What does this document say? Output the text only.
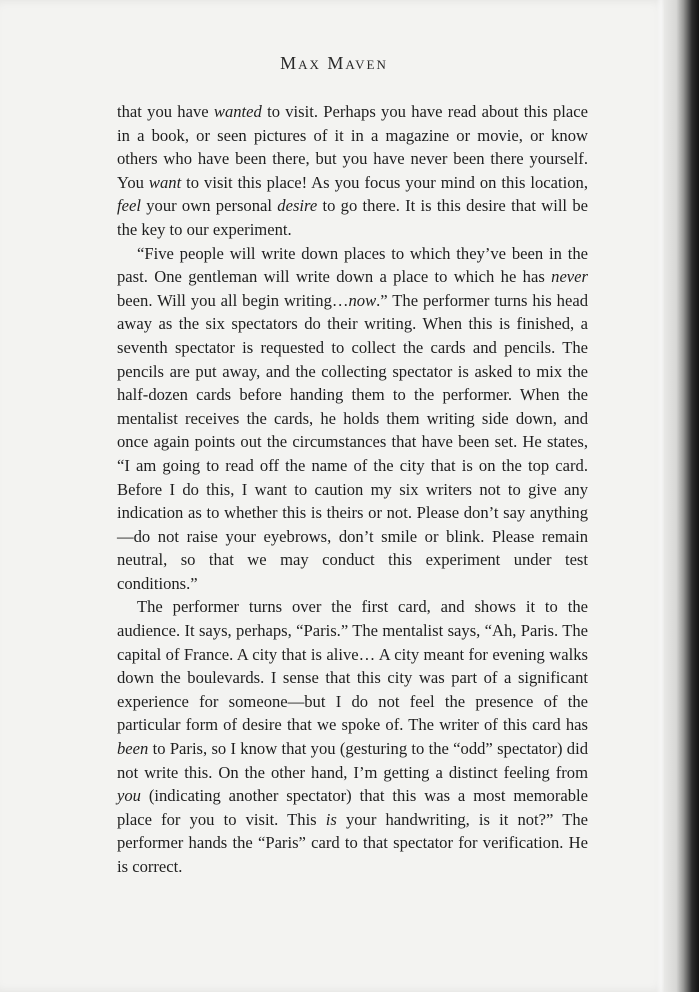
Max Maven

that you have wanted to visit. Perhaps you have read about this place in a book, or seen pictures of it in a magazine or movie, or know others who have been there, but you have never been there yourself. You want to visit this place! As you focus your mind on this location, feel your own personal desire to go there. It is this desire that will be the key to our experiment.

“Five people will write down places to which they’ve been in the past. One gentleman will write down a place to which he has never been. Will you all begin writing…now.” The performer turns his head away as the six spectators do their writing. When this is finished, a seventh spectator is requested to collect the cards and pencils. The pencils are put away, and the collecting spectator is asked to mix the half-dozen cards before handing them to the performer. When the mentalist receives the cards, he holds them writing side down, and once again points out the circumstances that have been set. He states, “I am going to read off the name of the city that is on the top card. Before I do this, I want to caution my six writers not to give any indication as to whether this is theirs or not. Please don’t say anything—do not raise your eyebrows, don’t smile or blink. Please remain neutral, so that we may conduct this experiment under test conditions.”

The performer turns over the first card, and shows it to the audience. It says, perhaps, “Paris.” The mentalist says, “Ah, Paris. The capital of France. A city that is alive… A city meant for evening walks down the boulevards. I sense that this city was part of a significant experience for someone—but I do not feel the presence of the particular form of desire that we spoke of. The writer of this card has been to Paris, so I know that you (gesturing to the “odd” spectator) did not write this. On the other hand, I’m getting a distinct feeling from you (indicating another spectator) that this was a most memorable place for you to visit. This is your handwriting, is it not?” The performer hands the “Paris” card to that spectator for verification. He is correct.
